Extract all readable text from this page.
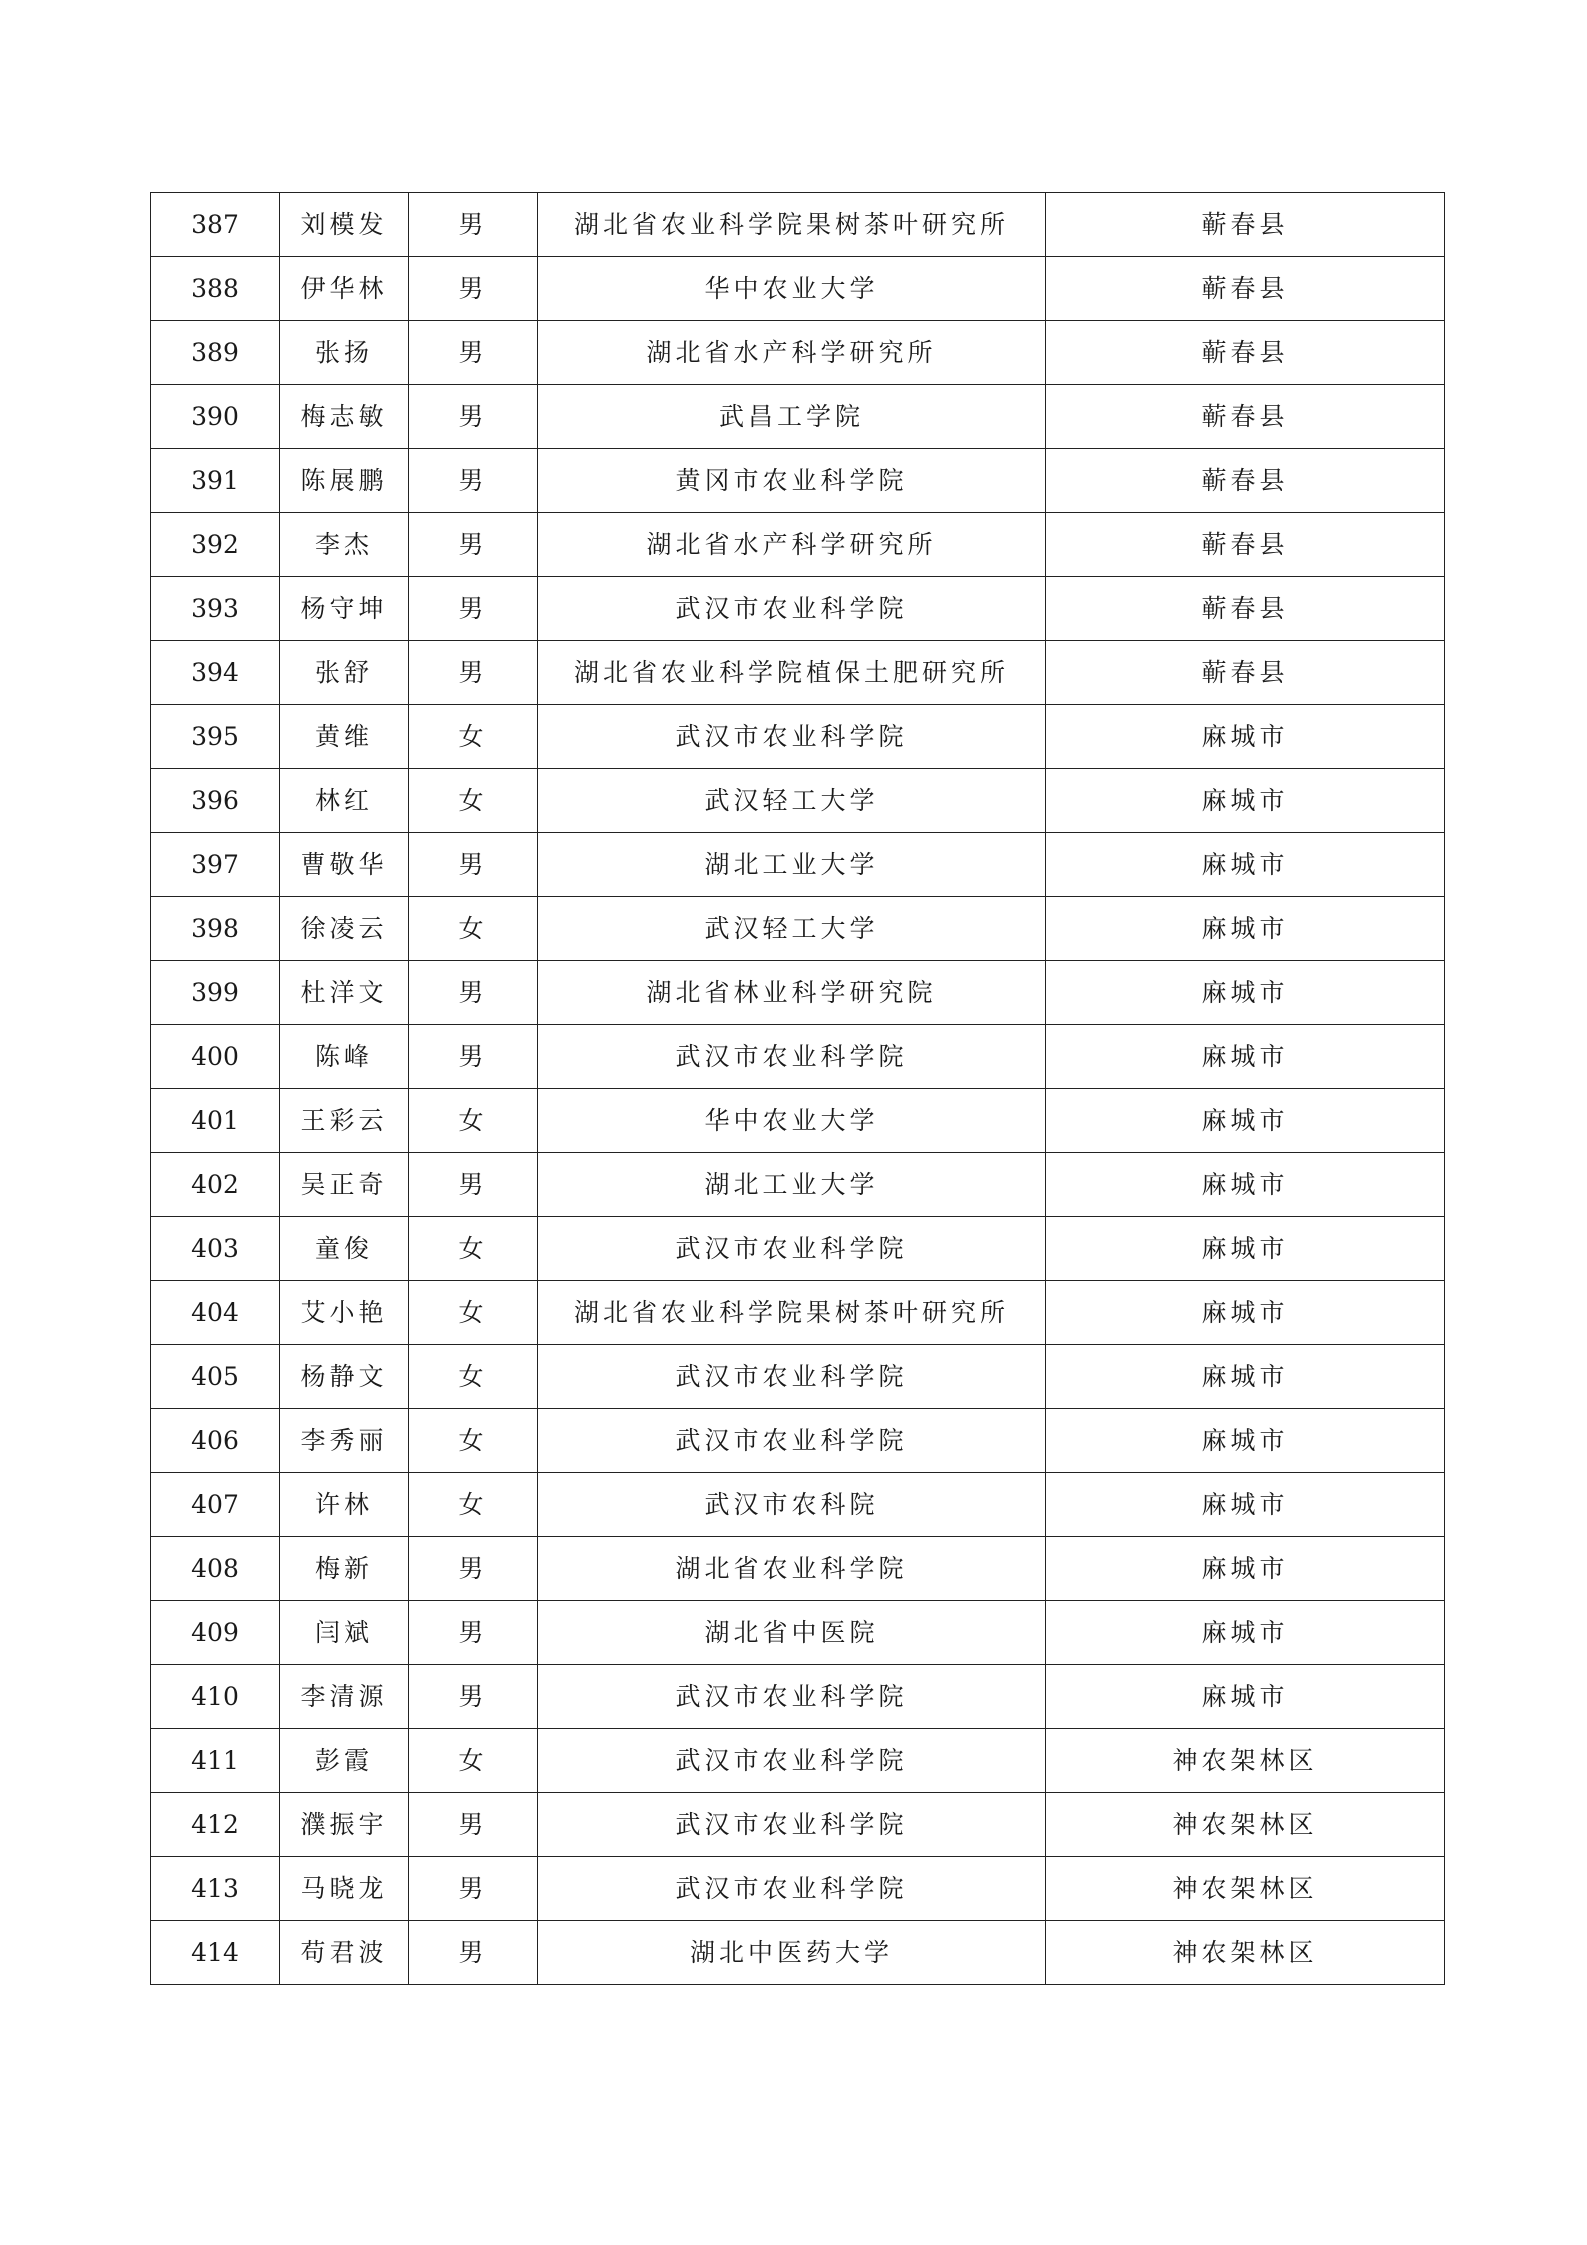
387	刘模发	男	湖北省农业科学院果树茶叶研究所	蕲春县
388	伊华林	男	华中农业大学	蕲春县
389	张扬	男	湖北省水产科学研究所	蕲春县
390	梅志敏	男	武昌工学院	蕲春县
391	陈展鹏	男	黄冈市农业科学院	蕲春县
392	李杰	男	湖北省水产科学研究所	蕲春县
393	杨守坤	男	武汉市农业科学院	蕲春县
394	张舒	男	湖北省农业科学院植保土肥研究所	蕲春县
395	黄维	女	武汉市农业科学院	麻城市
396	林红	女	武汉轻工大学	麻城市
397	曹敬华	男	湖北工业大学	麻城市
398	徐凌云	女	武汉轻工大学	麻城市
399	杜洋文	男	湖北省林业科学研究院	麻城市
400	陈峰	男	武汉市农业科学院	麻城市
401	王彩云	女	华中农业大学	麻城市
402	吴正奇	男	湖北工业大学	麻城市
403	童俊	女	武汉市农业科学院	麻城市
404	艾小艳	女	湖北省农业科学院果树茶叶研究所	麻城市
405	杨静文	女	武汉市农业科学院	麻城市
406	李秀丽	女	武汉市农业科学院	麻城市
407	许林	女	武汉市农科院	麻城市
408	梅新	男	湖北省农业科学院	麻城市
409	闫斌	男	湖北省中医院	麻城市
410	李清源	男	武汉市农业科学院	麻城市
411	彭霞	女	武汉市农业科学院	神农架林区
412	濮振宇	男	武汉市农业科学院	神农架林区
413	马晓龙	男	武汉市农业科学院	神农架林区
414	苟君波	男	湖北中医药大学	神农架林区
